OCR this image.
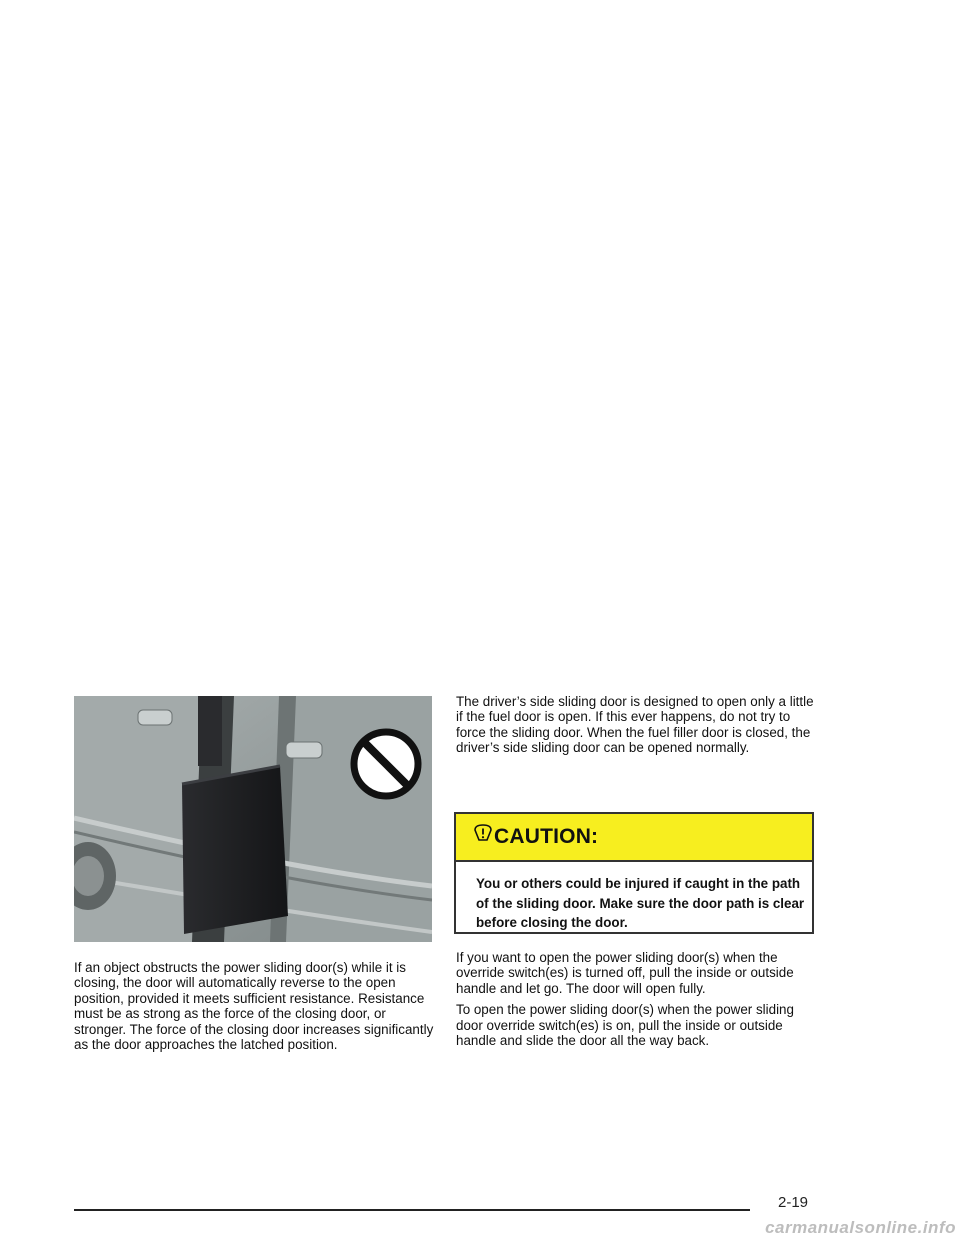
If an object obstructs the power sliding door(s) while it is closing, the door will automatically reverse to the open position, provided it meets sufficient resistance. Resistance must be as strong as the force of the closing door, or stronger. The force of the closing door increases significantly as the door approaches the latched position.

The driver’s side sliding door is designed to open only a little if the fuel door is open. If this ever happens, do not try to force the sliding door. When the fuel filler door is closed, the driver’s side sliding door can be opened normally.

CAUTION:

You or others could be injured if caught in the path of the sliding door. Make sure the door path is clear before closing the door.

If you want to open the power sliding door(s) when the override switch(es) is turned off, pull the inside or outside handle and let go. The door will open fully.

To open the power sliding door(s) when the power sliding door override switch(es) is on, pull the inside or outside handle and slide the door all the way back.

2-19
carmanualsonline.info
